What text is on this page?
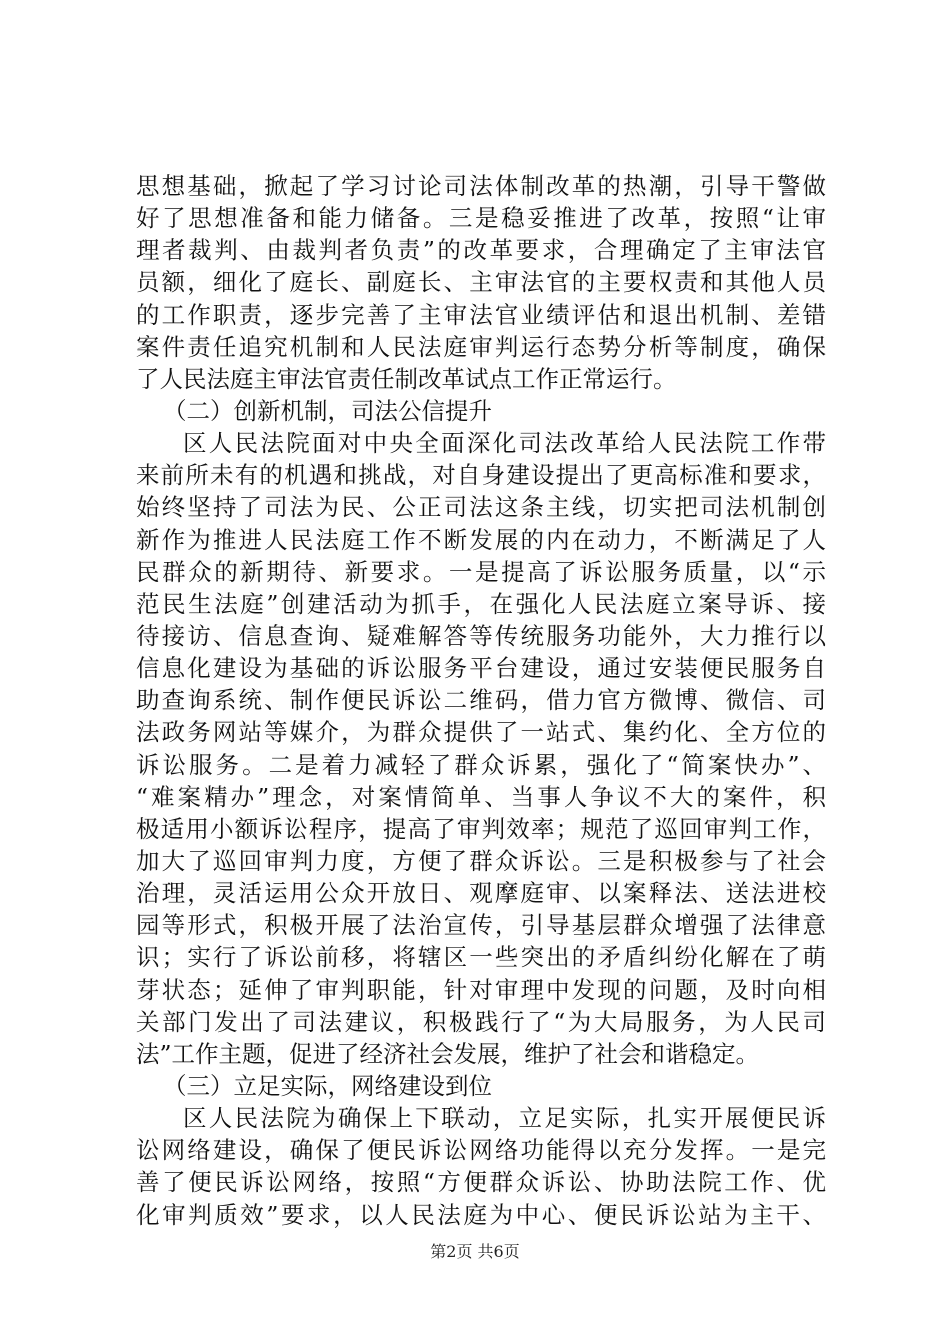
思想基础，掀起了学习讨论司法体制改革的热潮，引导干警做
好了思想准备和能力储备。三是稳妥推进了改革，按照“让审
理者裁判、由裁判者负责”的改革要求，合理确定了主审法官
员额，细化了庭长、副庭长、主审法官的主要权责和其他人员
的工作职责，逐步完善了主审法官业绩评估和退出机制、差错
案件责任追究机制和人民法庭审判运行态势分析等制度，确保
了人民法庭主审法官责任制改革试点工作正常运行。
（二）创新机制，司法公信提升
区人民法院面对中央全面深化司法改革给人民法院工作带
来前所未有的机遇和挑战，对自身建设提出了更高标准和要求，
始终坚持了司法为民、公正司法这条主线，切实把司法机制创
新作为推进人民法庭工作不断发展的内在动力，不断满足了人
民群众的新期待、新要求。一是提高了诉讼服务质量，以“示
范民生法庭”创建活动为抓手，在强化人民法庭立案导诉、接
待接访、信息查询、疑难解答等传统服务功能外，大力推行以
信息化建设为基础的诉讼服务平台建设，通过安装便民服务自
助查询系统、制作便民诉讼二维码，借力官方微博、微信、司
法政务网站等媒介，为群众提供了一站式、集约化、全方位的
诉讼服务。二是着力减轻了群众诉累，强化了“简案快办”、
“难案精办”理念，对案情简单、当事人争议不大的案件，积
极适用小额诉讼程序，提高了审判效率；规范了巡回审判工作，
加大了巡回审判力度，方便了群众诉讼。三是积极参与了社会
治理，灵活运用公众开放日、观摩庭审、以案释法、送法进校
园等形式，积极开展了法治宣传，引导基层群众增强了法律意
识；实行了诉讼前移，将辖区一些突出的矛盾纠纷化解在了萌
芽状态；延伸了审判职能，针对审理中发现的问题，及时向相
关部门发出了司法建议，积极践行了“为大局服务，为人民司
法”工作主题，促进了经济社会发展，维护了社会和谐稳定。
（三）立足实际，网络建设到位
区人民法院为确保上下联动，立足实际，扎实开展便民诉
讼网络建设，确保了便民诉讼网络功能得以充分发挥。一是完
善了便民诉讼网络，按照“方便群众诉讼、协助法院工作、优
化审判质效”要求，以人民法庭为中心、便民诉讼站为主干、
第2页 共6页
